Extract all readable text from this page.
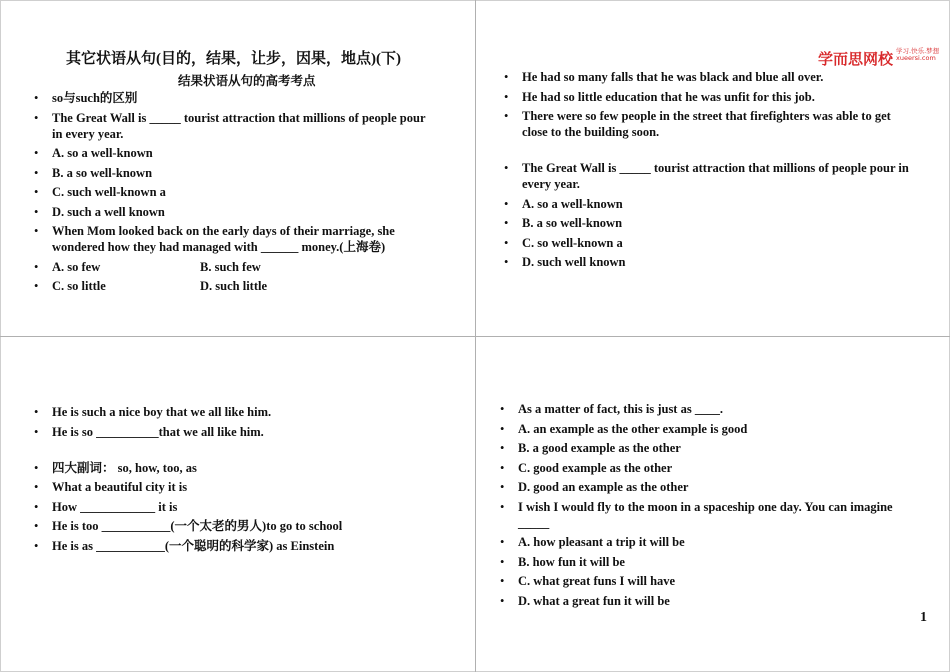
其它状语从句(目的，结果，让步，因果，地点)(下)
结果状语从句的高考考点
• so与such的区别
• The Great Wall is _____ tourist attraction that millions of people pour in every year.
• A. so a well-known
• B. a so well-known
• C. such well-known a
• D. such a well known
• When Mom looked back on the early days of their marriage, she wondered how they had managed with ______ money.(上海卷)
• A. so few	B. such few
• C. so little	D. such little
学而思网校 学习.快乐.梦想
xueersi.com
• He had so many falls that he was black and blue all over.
• He had so little education that he was unfit for this job.
• There were so few people in the street that firefighters was able to get close to the building soon.
• The Great Wall is _____ tourist attraction that millions of people pour in every year.
• A. so a well-known
• B. a so well-known
• C. so well-known a
• D. such well known
• He is such a nice boy that we all like him.
• He is so __________that we all like him.
• 四大副词： so, how, too, as
• What a beautiful city it is
• How ____________ it is
• He is too ___________(一个太老的男人)to go to school
• He is as ___________(一个聪明的科学家) as Einstein
• As a matter of fact, this is just as ____.
• A. an example as the other example is good
• B. a good example as the other
• C. good example as the other
• D. good an example as the other
• I wish I would fly to the moon in a spaceship one day. You can imagine _____
• A. how pleasant a trip it will be
• B. how fun it will be
• C. what great funs I will have
• D. what a great fun it will be
1
